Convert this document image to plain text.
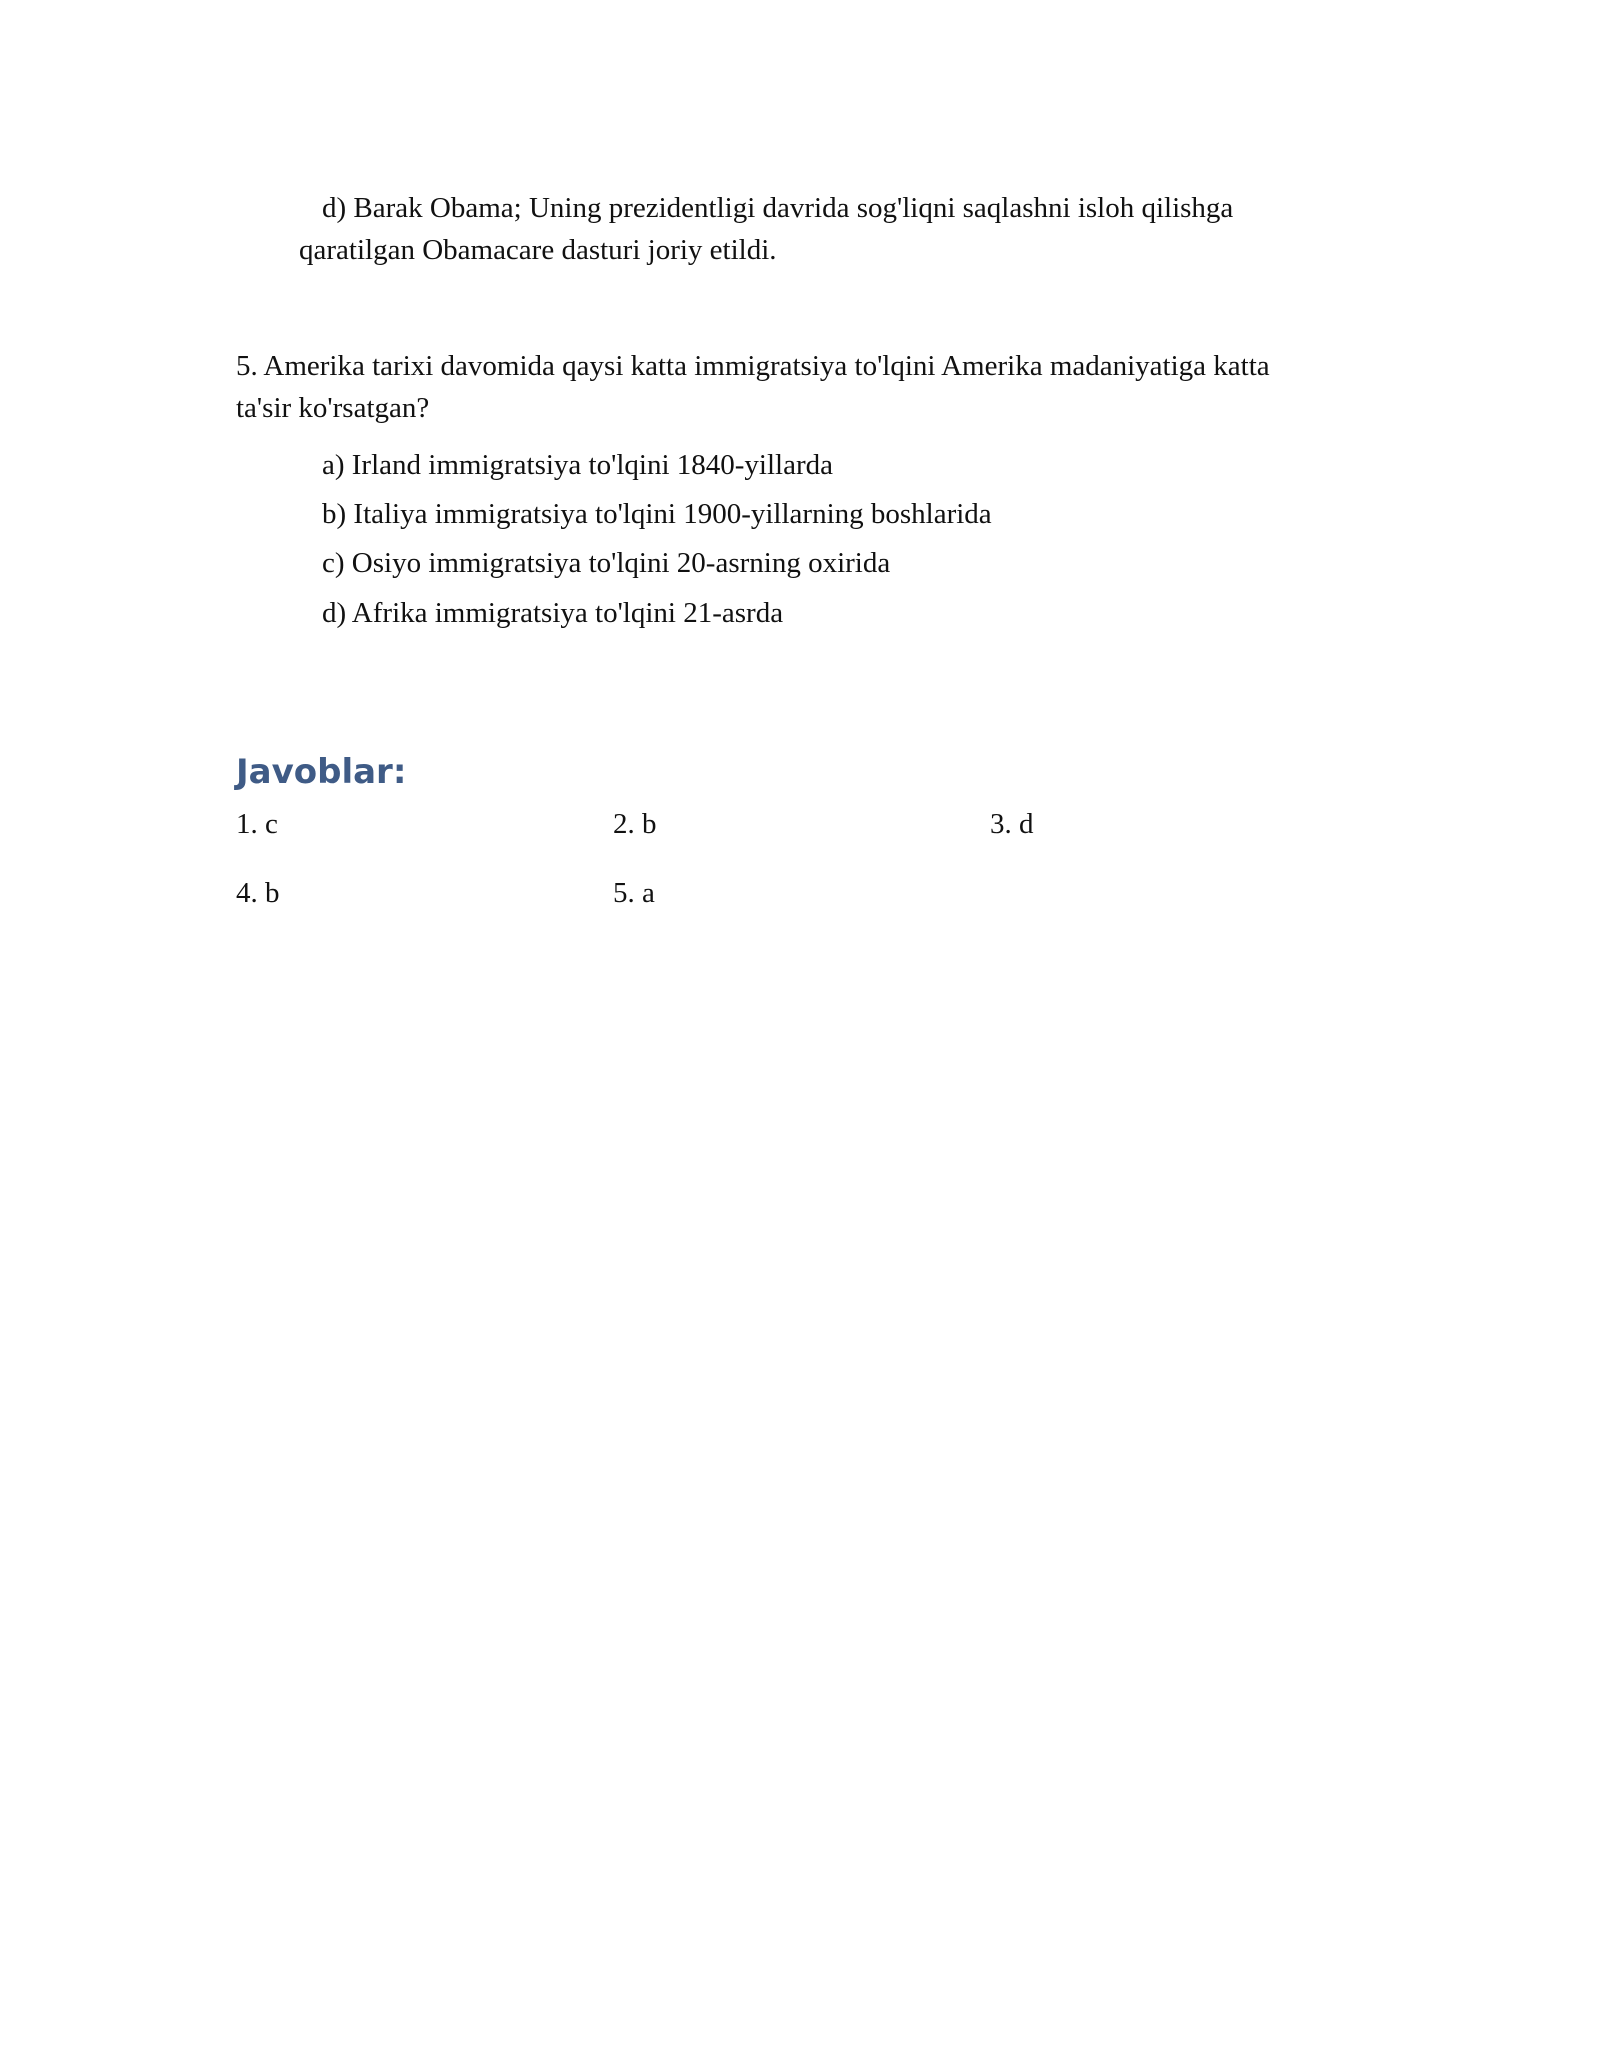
d) Barak Obama; Uning prezidentligi davrida sog'liqni saqlashni isloh qilishga
qaratilgan Obamacare dasturi joriy etildi.
5. Amerika tarixi davomida qaysi katta immigratsiya to'lqini Amerika madaniyatiga katta
ta'sir ko'rsatgan?
a) Irland immigratsiya to'lqini 1840-yillarda
b) Italiya immigratsiya to'lqini 1900-yillarning boshlarida
c) Osiyo immigratsiya to'lqini 20-asrning oxirida
d) Afrika immigratsiya to'lqini 21-asrda
Javoblar:
1. c	2. b	3. d
4. b	5. a
